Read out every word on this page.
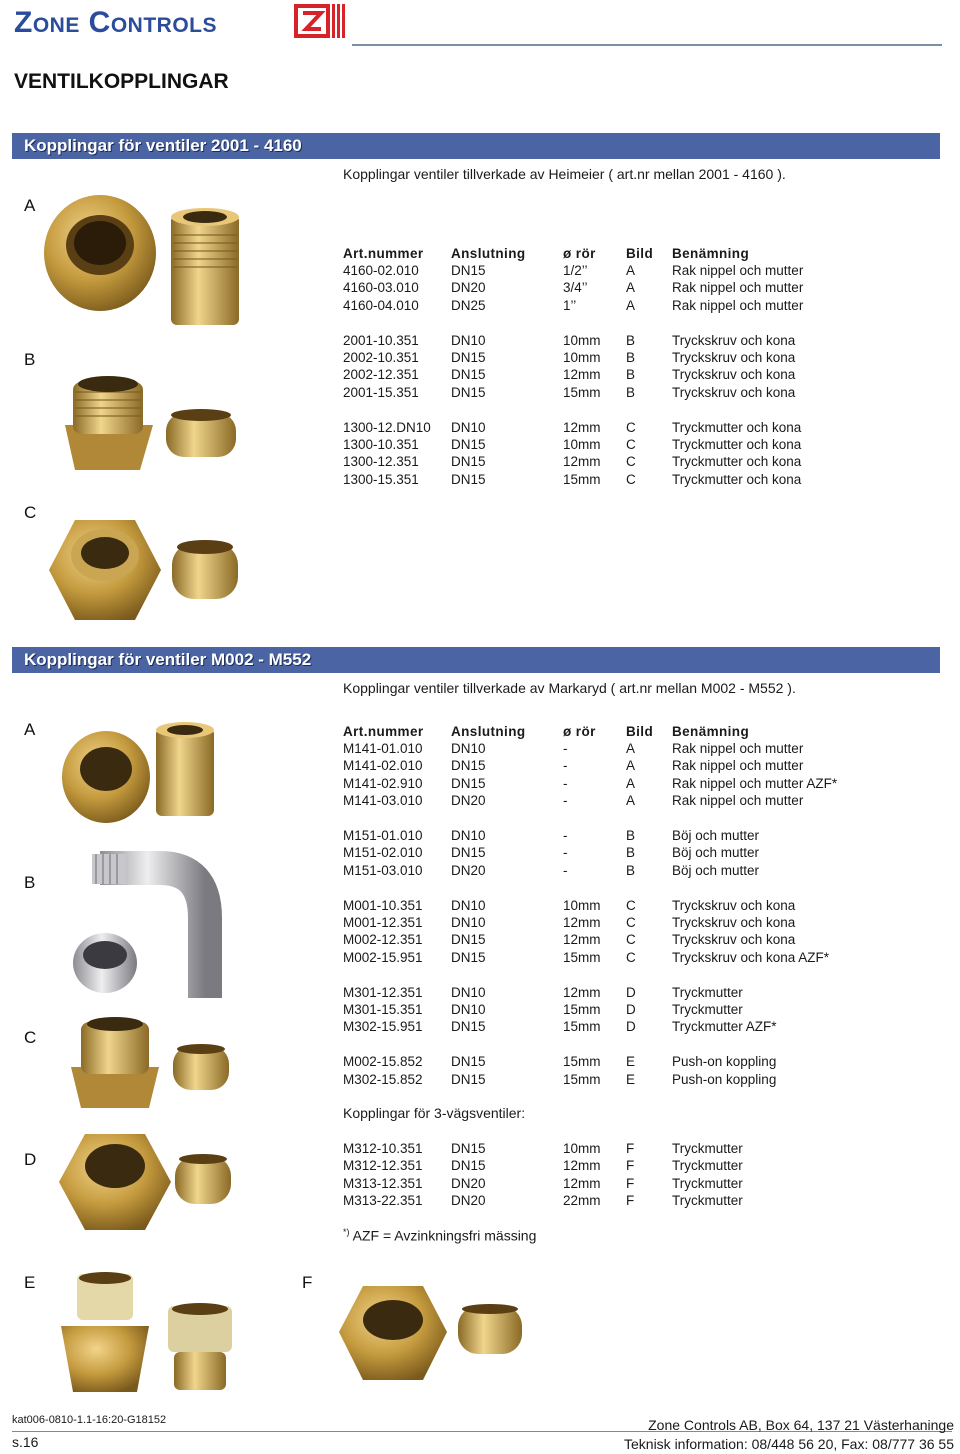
Zone Controls
VENTILKOPPLINGAR
Kopplingar för ventiler 2001 - 4160
Kopplingar ventiler tillverkade av Heimeier ( art.nr mellan 2001 - 4160 ).
A
B
C
Art.nummer Anslutning	ø rör Bild Benämning
4160-02.010 DN15	1/2’’	A	Rak nippel och mutter
4160-03.010 DN20	3/4’’	A	Rak nippel och mutter
4160-04.010 DN25	1’’	A	Rak nippel och mutter
2001-10.351 DN10	10mm B	Tryckskruv och kona
2002-10.351 DN15	10mm B	Tryckskruv och kona
2002-12.351 DN15	12mm B	Tryckskruv och kona
2001-15.351 DN15	15mm B	Tryckskruv och kona
1300-12.DN10 DN10	12mm C	Tryckmutter och kona
1300-10.351 DN15	10mm C	Tryckmutter och kona
1300-12.351 DN15	12mm C	Tryckmutter och kona
1300-15.351 DN15	15mm C	Tryckmutter och kona
Kopplingar för ventiler M002 - M552
Kopplingar ventiler tillverkade av Markaryd ( art.nr mellan M002 - M552 ).
A
B
C
D
E	F
Art.nummer Anslutning	ø rör Bild Benämning
M141-01.010 DN10	-	A	Rak nippel och mutter
M141-02.010 DN15	-	A	Rak nippel och mutter
M141-02.910 DN15	-	A	Rak nippel och mutter AZF*
M141-03.010 DN20	-	A	Rak nippel och mutter
M151-01.010 DN10	-	B	Böj och mutter
M151-02.010 DN15	-	B	Böj och mutter
M151-03.010 DN20	-	B	Böj och mutter
M001-10.351 DN10	10mm C	Tryckskruv och kona
M001-12.351 DN10	12mm C	Tryckskruv och kona
M002-12.351 DN15	12mm C	Tryckskruv och kona
M002-15.951 DN15	15mm C	Tryckskruv och kona AZF*
M301-12.351 DN10	12mm D	Tryckmutter
M301-15.351 DN10	15mm D	Tryckmutter
M302-15.951 DN15	15mm D	Tryckmutter AZF*
M002-15.852 DN15	15mm E	Push-on koppling
M302-15.852 DN15	15mm E	Push-on koppling
Kopplingar för 3-vägsventiler:
M312-10.351 DN15	10mm F	Tryckmutter
M312-12.351 DN15	12mm F	Tryckmutter
M313-12.351 DN20	12mm F	Tryckmutter
M313-22.351 DN20	22mm F	Tryckmutter
*) AZF = Avzinkningsfri mässing
kat006-0810-1.1-16:20-G18152
s.16
Zone Controls AB, Box 64, 137 21 Västerhaninge
Teknisk information: 08/448 56 20, Fax: 08/777 36 55
